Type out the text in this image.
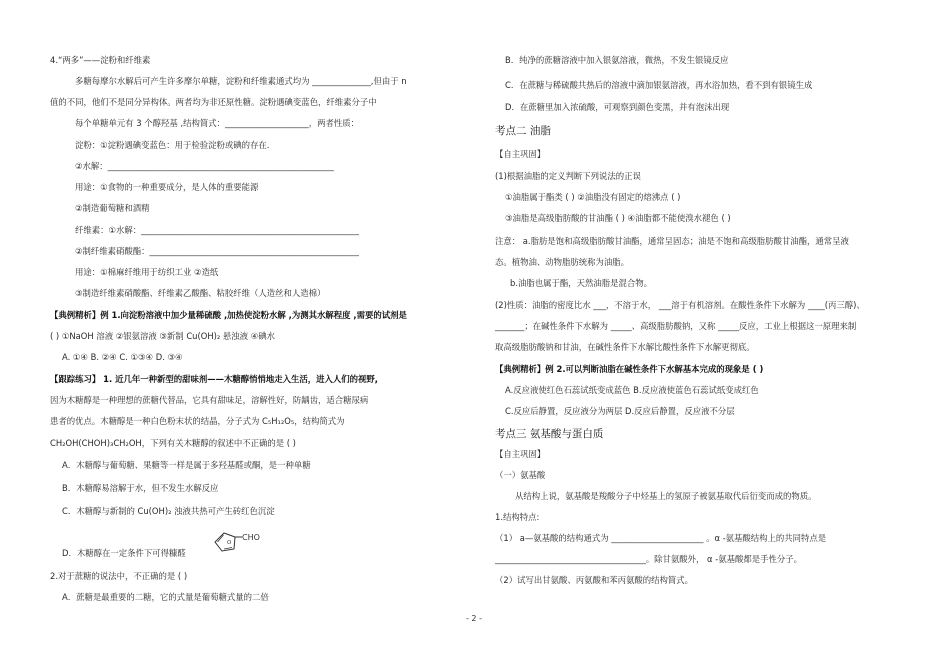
4.“两多”——淀粉和纤维素
多糖每摩尔水解后可产生许多摩尔单糖，淀粉和纤维素通式均为 ______________,但由于 n
值的不同，他们不是同分异构体。两者均为非还原性糖。淀粉遇碘变蓝色，纤维素分子中
每个单糖单元有 3 个醇羟基 ,结构简式：____________________，两者性质：
淀粉：①淀粉遇碘变蓝色：用于检验淀粉或碘的存在.
②水解：______________________________________________________
用途：①食物的一种重要成分，是人体的重要能源
②制造葡萄糖和酒精
纤维素：①水解：____________________________________________________
②制纤维素硝酸酯：__________________________________________________
用途：①棉麻纤维用于纺织工业 ②造纸
③制造纤维素硝酸酯、纤维素乙酸酯、粘胶纤维（人造丝和人造棉）
【典例精析】例 1.向淀粉溶液中加少量稀硫酸 ,加热使淀粉水解 ,为测其水解程度 ,需要的试剂是
( ) ①NaOH 溶液 ②银氨溶液 ③新制 Cu(OH)₂ 悬浊液 ④碘水
A. ①④ B. ②④ C. ①③④ D. ③④
【跟踪练习】 1. 近几年一种新型的甜味剂——木糖醇悄悄地走入生活，进入人们的视野,
因为木糖醇是一种理想的蔗糖代替品，它具有甜味足，溶解性好，防龋齿，适合糖尿病
患者的优点。木糖醇是一种白色粉末状的结晶，分子式为 C₅H₁₂O₅，结构简式为
CH₂OH(CHOH)₃CH₂OH，下列有关木糖醇的叙述中不正确的是 ( )
A．木糖醇与葡萄糖、果糖等一样是属于多羟基醛或酮，是一种单糖
B．木糖醇易溶解于水，但不发生水解反应
C．木糖醇与新制的 Cu(OH)₂ 浊液共热可产生砖红色沉淀
D．木糖醇在一定条件下可得糠醛
O
CHO
2.对于蔗糖的说法中，不正确的是 ( )
A．蔗糖是最重要的二糖，它的式量是葡萄糖式量的二倍
B．纯净的蔗糖溶液中加入银氨溶液，微热，不发生银镜反应
C．在蔗糖与稀硫酸共热后的溶液中滴加银氨溶液，再水浴加热，看不到有银镜生成
D．在蔗糖里加入浓硫酸，可观察到颜色变黑，并有泡沫出现
考点二 油脂
【自主巩固】
(1)根据油脂的定义判断下列说法的正误
①油脂属于酯类 ( ) ②油脂没有固定的熔沸点 ( )
③油脂是高级脂肪酸的甘油酯 ( ) ④油脂都不能使溴水褪色 ( )
注意： a.脂肪是饱和高级脂肪酸甘油酯，通常呈固态；油是不饱和高级脂肪酸甘油酯，通常呈液
态。植物油、动物脂肪统称为油脂。
b.油脂也属于酯，天然油脂是混合物。
(2)性质：油脂的密度比水 ___，不溶于水， ___溶于有机溶剂。在酸性条件下水解为 ____(丙三醇)、
_______；在碱性条件下水解为 _____、高级脂肪酸钠，又称 _____反应，工业上根据这一原理来制
取高级脂肪酸钠和甘油，在碱性条件下水解比酸性条件下水解更彻底。
【典例精析】例 2.可以判断油脂在碱性条件下水解基本完成的现象是 ( )
A.反应液使红色石蕊试纸变成蓝色 B.反应液使蓝色石蕊试纸变成红色
C.反应后静置，反应液分为两层 D.反应后静置，反应液不分层
考点三 氨基酸与蛋白质
【自主巩固】
（一）氨基酸
从结构上说，氨基酸是羧酸分子中烃基上的氢原子被氨基取代后衍变而成的物质。
1.结构特点:
（1） a—氨基酸的结构通式为 ______________________ 。α -氨基酸结构上的共同特点是
____________________________________。除甘氨酸外， α -氨基酸都是手性分子。
（2）试写出甘氨酸、丙氨酸和苯丙氨酸的结构简式。
- 2 -
